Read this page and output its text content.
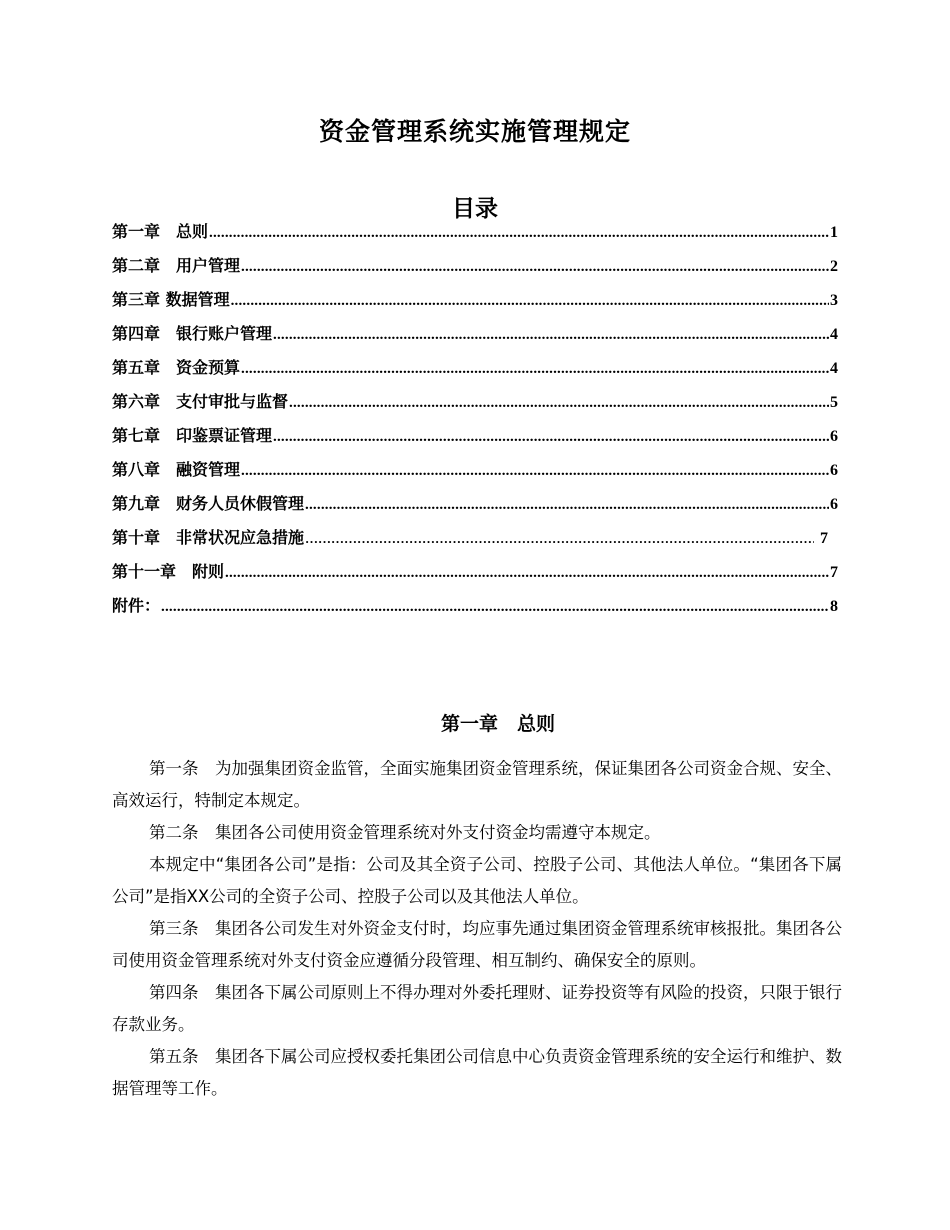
资金管理系统实施管理规定
目录
第一章　总则 .....	1
第二章　用户管理 .....	2
第三章 数据管理 .....	3
第四章　银行账户管理 .....	4
第五章　资金预算 .....	4
第六章　支付审批与监督 .....	5
第七章　印鉴票证管理 .....	6
第八章　融资管理 .....	6
第九章　财务人员休假管理 .....	6
第十章　非常状况应急措施 ………………………………………………………………………………………………………………………………	7
第十一章　附则 .....	7
附件： .....	8
第一章　总则

第一条　为加强集团资金监管，全面实施集团资金管理系统，保证集团各公司资金合规、安全、高效运行，特制定本规定。

第二条　集团各公司使用资金管理系统对外支付资金均需遵守本规定。

本规定中“集团各公司”是指：公司及其全资子公司、控股子公司、其他法人单位。“集团各下属公司”是指XX公司的全资子公司、控股子公司以及其他法人单位。

第三条　集团各公司发生对外资金支付时，均应事先通过集团资金管理系统审核报批。集团各公司使用资金管理系统对外支付资金应遵循分段管理、相互制约、确保安全的原则。

第四条　集团各下属公司原则上不得办理对外委托理财、证券投资等有风险的投资，只限于银行存款业务。

第五条　集团各下属公司应授权委托集团公司信息中心负责资金管理系统的安全运行和维护、数据管理等工作。
